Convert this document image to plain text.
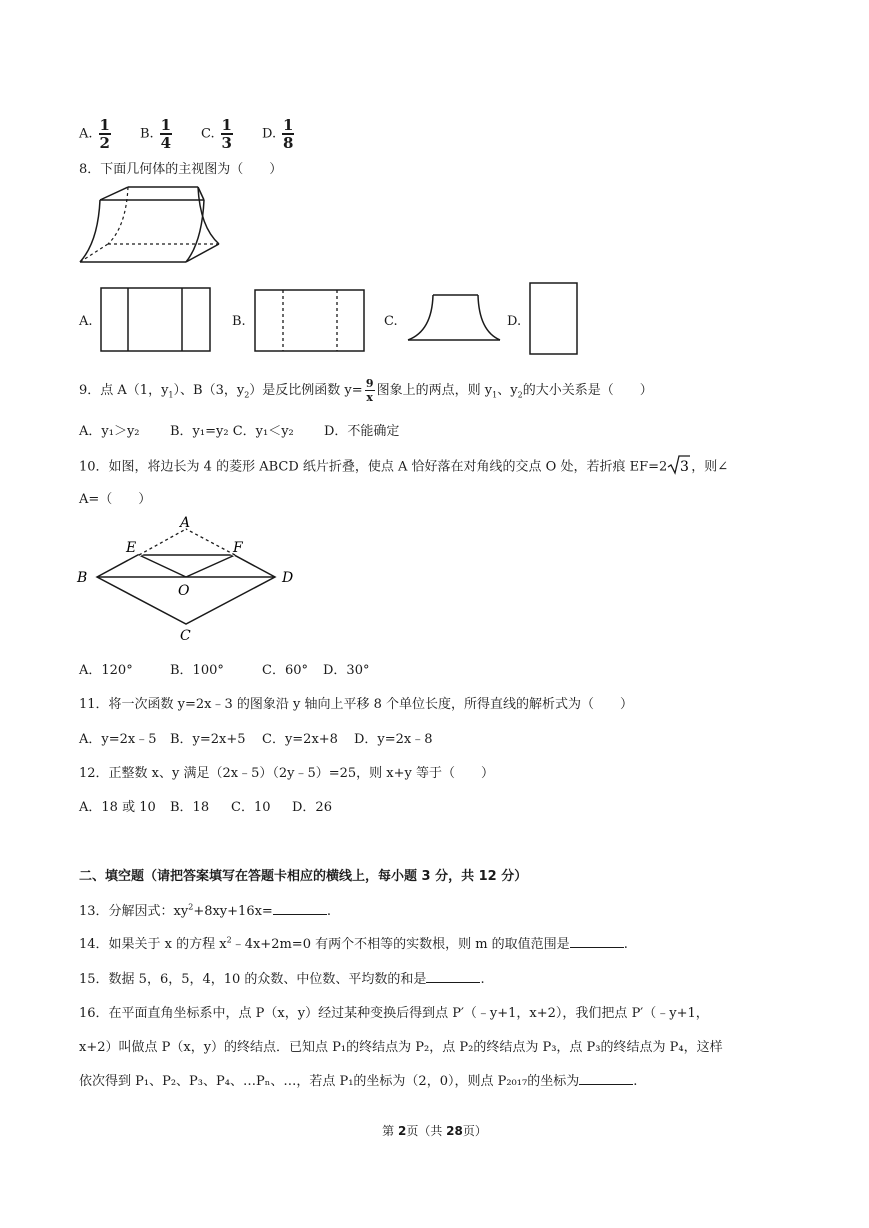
A. $\frac{1}{2} B$. $\frac{1}{4} C$. $\frac{1}{3} D$. $\frac{1}{8}$
8．下面几何体的主视图为（　　）
A.	B.	C.	D.
9．点 A（1，$y_1$）、B（3，$y_2$）是反比例函数 $y= \frac{9}{x}$ 图象上的两点，则 $y_1$、$y_2$的大小关系是（　　）
A．y₁＞y₂ B．y₁=y₂ C．y₁＜y₂ D．不能确定
10．如图，将边长为 4 的菱形 ABCD 纸片折叠，使点 A 恰好落在对角线的交点 O 处，若折痕 EF=2 3 ，则∠
A=（　　）
A
B
C
D
E	F
O
A．120°	B．100°	C．60° D．30°
11．将一次函数 y=2x﹣3 的图象沿 y 轴向上平移 8 个单位长度，所得直线的解析式为（　　）
A．y=2x﹣5 B．y=2x+5 C．y=2x+8 D．y=2x﹣8
12．正整数 x、y 满足（2x﹣5）（2y﹣5）=25，则 x+y 等于（　　）
A．18 或 10 B．18 C．10 D．26
二、填空题（请把答案填写在答题卡相应的横线上，每小题 3 分，共 12 分）
13．分解因式：$xy^2+8xy+16x=$	.
14．如果关于 x 的方程 $x^2﹣4x+2m=0$ 有两个不相等的实数根，则 m 的取值范围是	.
15．数据 5，6，5，4，10 的众数、中位数、平均数的和是	.
16．在平面直角坐标系中，点 P（x，y）经过某种变换后得到点 P′（﹣y+1，x+2），我们把点 P′（﹣y+1，
x+2）叫做点 P（x，y）的终结点．已知点 P₁的终结点为 P₂，点 P₂的终结点为 P₃，点 P₃的终结点为 P₄，这样
依次得到 P₁、P₂、P₃、P₄、…Pₙ、…，若点 P₁的坐标为（2，0），则点 P₂₀₁₇的坐标为	.
第 2页（共 28页）
